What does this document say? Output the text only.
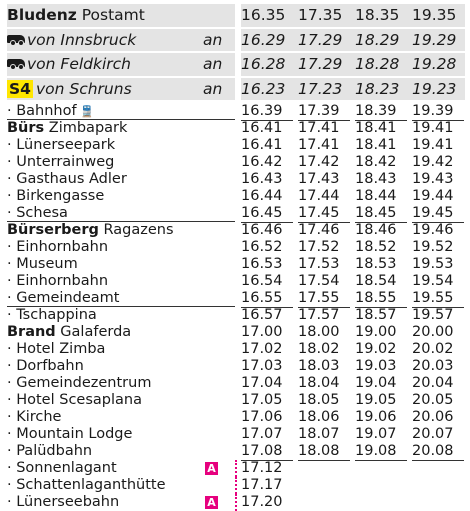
Bludenz Postamt	16.35 17.35 18.35 19.35
von Innsbruck	an 16.29 17.29 18.29 19.29
von Feldkirch	an 16.28 17.29 18.28 19.28
S4 von Schruns	an 16.23 17.23 18.23 19.23
· Bahnhof 🚆	16.39	17.39	18.39	19.39
Bürs Zimbapark	16.41	17.41	18.41	19.41
· Lünerseepark	16.41	17.41	18.41	19.41
· Unterrainweg	16.42	17.42	18.42	19.42
· Gasthaus Adler	16.43	17.43	18.43	19.43
· Birkengasse	16.44	17.44	18.44	19.44
· Schesa	16.45	17.45	18.45	19.45
Bürserberg Ragazens	16.46	17.46	18.46	19.46
· Einhornbahn	16.52	17.52	18.52	19.52
· Museum	16.53	17.53	18.53	19.53
· Einhornbahn	16.54	17.54	18.54	19.54
· Gemeindeamt	16.55	17.55	18.55	19.55
· Tschappina	16.57	17.57	18.57	19.57
Brand Galaferda	17.00	18.00	19.00	20.00
· Hotel Zimba	17.02	18.02	19.02	20.02
· Dorfbahn	17.03	18.03	19.03	20.03
· Gemeindezentrum	17.04	18.04	19.04	20.04
· Hotel Scesaplana	17.05	18.05	19.05	20.05
· Kirche	17.06	18.06	19.06	20.06
· Mountain Lodge	17.07	18.07	19.07	20.07
· Palüdbahn	17.08	18.08	19.08	20.08
· Sonnenlagant	A 17.12
· Schattenlaganthütte	17.17
· Lünerseebahn	A 17.20
